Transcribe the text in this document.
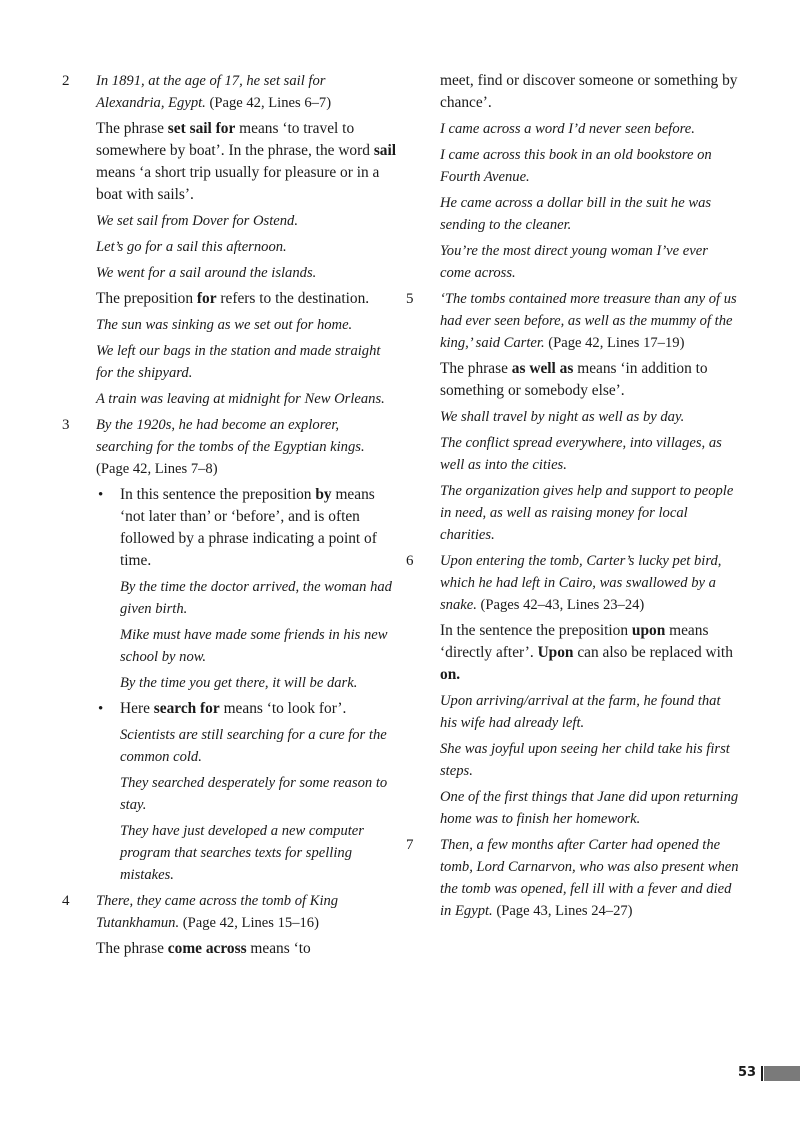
2	In 1891, at the age of 17, he set sail for Alexandria, Egypt. (Page 42, Lines 6–7)

The phrase set sail for means ‘to travel to somewhere by boat’. In the phrase, the word sail means ‘a short trip usually for pleasure or in a boat with sails’.

We set sail from Dover for Ostend.

Let’s go for a sail this afternoon.

We went for a sail around the islands.

The preposition for refers to the destination.

The sun was sinking as we set out for home.

We left our bags in the station and made straight for the shipyard.

A train was leaving at midnight for New Orleans.

3	By the 1920s, he had become an explorer, searching for the tombs of the Egyptian kings. (Page 42, Lines 7–8)

• In this sentence the preposition by means ‘not later than’ or ‘before’, and is often followed by a phrase indicating a point of time.

By the time the doctor arrived, the woman had given birth.

Mike must have made some friends in his new school by now.

By the time you get there, it will be dark.

• Here search for means ‘to look for’.

Scientists are still searching for a cure for the common cold.

They searched desperately for some reason to stay.

They have just developed a new computer program that searches texts for spelling mistakes.

4	There, they came across the tomb of King Tutankhamun. (Page 42, Lines 15–16)

The phrase come across means ‘to

meet, find or discover someone or something by chance’.

I came across a word I’d never seen before.

I came across this book in an old bookstore on Fourth Avenue.

He came across a dollar bill in the suit he was sending to the cleaner.

You’re the most direct young woman I’ve ever come across.

5	‘The tombs contained more treasure than any of us had ever seen before, as well as the mummy of the king,’ said Carter. (Page 42, Lines 17–19)

The phrase as well as means ‘in addition to something or somebody else’.

We shall travel by night as well as by day.

The conflict spread everywhere, into villages, as well as into the cities.

The organization gives help and support to people in need, as well as raising money for local charities.

6	Upon entering the tomb, Carter’s lucky pet bird, which he had left in Cairo, was swallowed by a snake. (Pages 42–43, Lines 23–24)

In the sentence the preposition upon means ‘directly after’. Upon can also be replaced with on.

Upon arriving/arrival at the farm, he found that his wife had already left.

She was joyful upon seeing her child take his first steps.

One of the first things that Jane did upon returning home was to finish her homework.

7	Then, a few months after Carter had opened the tomb, Lord Carnarvon, who was also present when the tomb was opened, fell ill with a fever and died in Egypt. (Page 43, Lines 24–27)

53
